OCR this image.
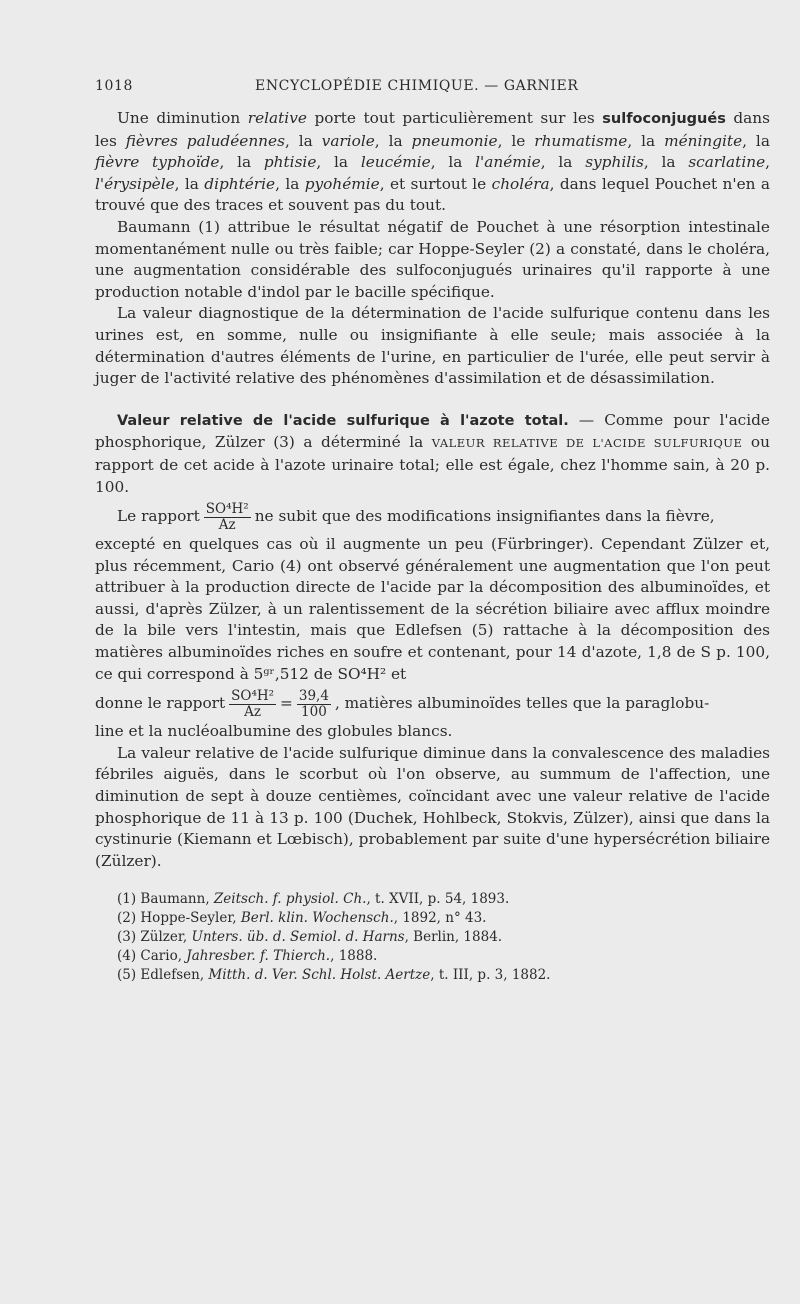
1018	ENCYCLOPÉDIE CHIMIQUE. — GARNIER

Une diminution relative porte tout particulièrement sur les sulfoconjugués dans les fièvres paludéennes, la variole, la pneumonie, le rhumatisme, la méningite, la fièvre typhoïde, la phtisie, la leucémie, la l'anémie, la syphilis, la scarlatine, l'érysipèle, la diphtérie, la pyohémie, et surtout le choléra, dans lequel Pouchet n'en a trouvé que des traces et souvent pas du tout.

Baumann (1) attribue le résultat négatif de Pouchet à une résorption intestinale momentanément nulle ou très faible; car Hoppe-Seyler (2) a constaté, dans le choléra, une augmentation considérable des sulfoconjugués urinaires qu'il rapporte à une production notable d'indol par le bacille spécifique.

La valeur diagnostique de la détermination de l'acide sulfurique contenu dans les urines est, en somme, nulle ou insignifiante à elle seule; mais associée à la détermination d'autres éléments de l'urine, en particulier de l'urée, elle peut servir à juger de l'activité relative des phénomènes d'assimilation et de désassimilation.

Valeur relative de l'acide sulfurique à l'azote total. — Comme pour l'acide phosphorique, Zülzer (3) a déterminé la VALEUR RELATIVE DE L'ACIDE SULFURIQUE ou rapport de cet acide à l'azote urinaire total; elle est égale, chez l'homme sain, à 20 p. 100.

Le rapport $\frac{\text{SO⁴H²}}{Az}$ ne subit que des modifications insignifiantes dans la fièvre,

excepté en quelques cas où il augmente un peu (Fürbringer). Cependant Zülzer et, plus récemment, Cario (4) ont observé généralement une augmentation que l'on peut attribuer à la production directe de l'acide par la décomposition des albuminoïdes, et aussi, d'après Zülzer, à un ralentissement de la sécrétion biliaire avec afflux moindre de la bile vers l'intestin, mais que Edlefsen (5) rattache à la décomposition des matières albuminoïdes riches en soufre et contenant, pour 14 d'azote, 1,8 de S p. 100, ce qui correspond à 5ᵍʳ,512 de SO⁴H² et

donne le rapport $\frac{\text{SO⁴H²}}{Az} = \frac{39,4}{100}$ , matières albuminoïdes telles que la paraglobu-

line et la nucléoalbumine des globules blancs.

La valeur relative de l'acide sulfurique diminue dans la convalescence des maladies fébriles aiguës, dans le scorbut où l'on observe, au summum de l'affection, une diminution de sept à douze centièmes, coïncidant avec une valeur relative de l'acide phosphorique de 11 à 13 p. 100 (Duchek, Hohlbeck, Stokvis, Zülzer), ainsi que dans la cystinurie (Kiemann et Lœbisch), probablement par suite d'une hypersécrétion biliaire (Zülzer).

(1) Baumann, Zeitsch. f. physiol. Ch., t. XVII, p. 54, 1893.
(2) Hoppe-Seyler, Berl. klin. Wochensch., 1892, n° 43.
(3) Zülzer, Unters. üb. d. Semiol. d. Harns, Berlin, 1884.
(4) Cario, Jahresber. f. Thierch., 1888.
(5) Edlefsen, Mitth. d. Ver. Schl. Holst. Aertze, t. III, p. 3, 1882.
